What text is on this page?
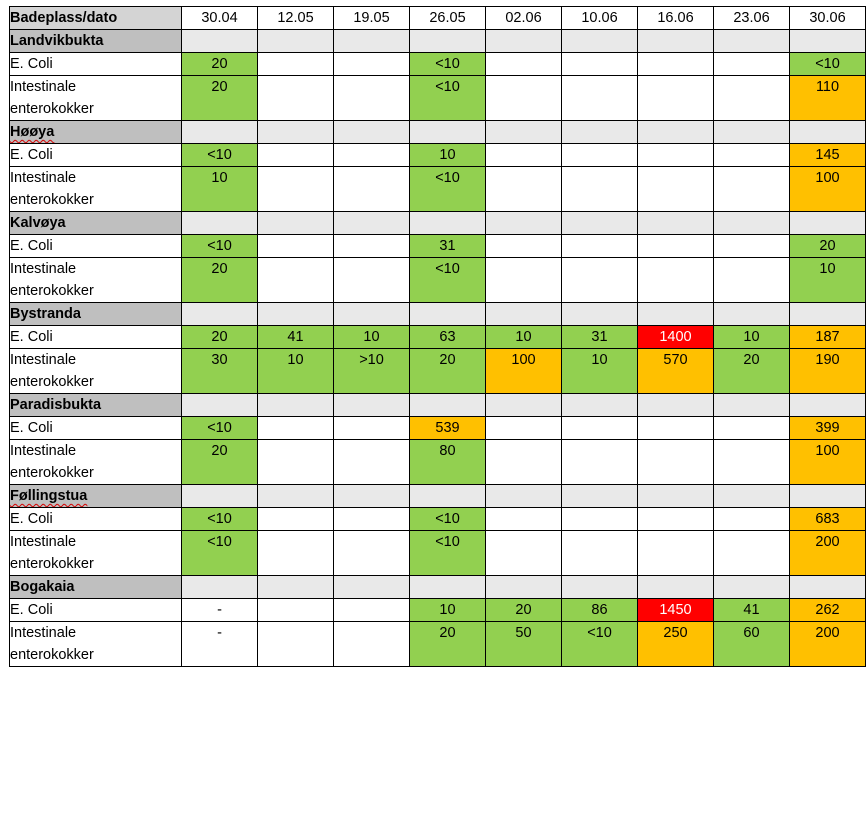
Badeplass/dato	30.04	12.05	19.05	26.05	02.06	10.06	16.06	23.06	30.06
Landvikbukta									
E. Coli	20			<10					<10
Intestinale
enterokokker	20			<10					110
Høøya									
E. Coli	<10			10					145
Intestinale
enterokokker	10			<10					100
Kalvøya									
E. Coli	<10			31					20
Intestinale
enterokokker	20			<10					10
Bystranda									
E. Coli	20	41	10	63	10	31	1400	10	187
Intestinale
enterokokker	30	10	>10	20	100	10	570	20	190
Paradisbukta									
E. Coli	<10			539					399
Intestinale
enterokokker	20			80					100
Føllingstua									
E. Coli	<10			<10					683
Intestinale
enterokokker	<10			<10					200
Bogakaia									
E. Coli	-			10	20	86	1450	41	262
Intestinale
enterokokker	-			20	50	<10	250	60	200
